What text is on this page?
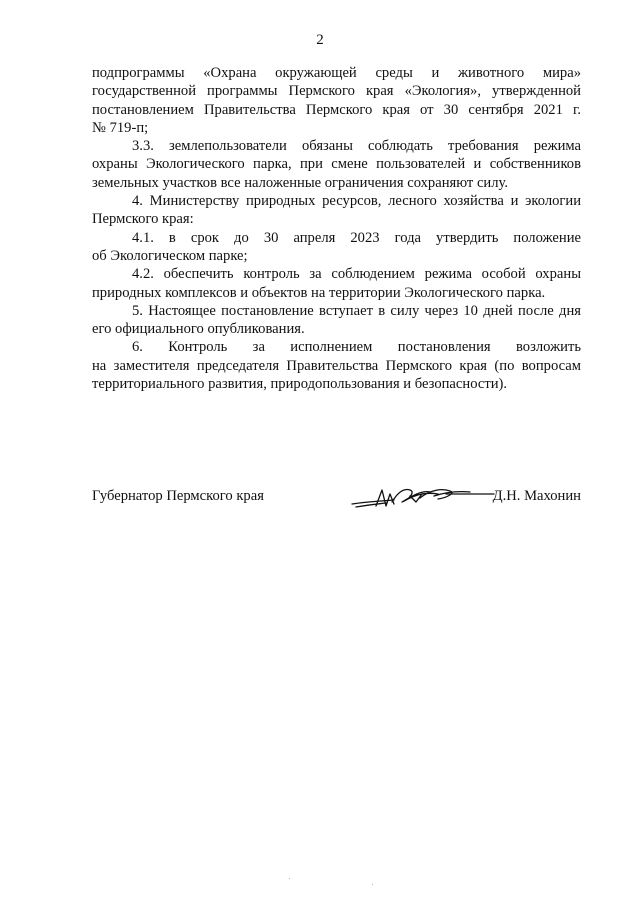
2

подпрограммы «Охрана окружающей среды и животного мира»
государственной программы Пермского края «Экология», утвержденной
постановлением Правительства Пермского края от 30 сентября 2021 г.
№ 719-п;

3.3. землепользователи обязаны соблюдать требования режима
охраны Экологического парка, при смене пользователей и собственников
земельных участков все наложенные ограничения сохраняют силу.

4. Министерству природных ресурсов, лесного хозяйства и экологии
Пермского края:

4.1. в срок до 30 апреля 2023 года утвердить положение
об Экологическом парке;

4.2. обеспечить контроль за соблюдением режима особой охраны
природных комплексов и объектов на территории Экологического парка.

5. Настоящее постановление вступает в силу через 10 дней после дня
его официального опубликования.

6. Контроль за исполнением постановления возложить
на заместителя председателя Правительства Пермского края (по вопросам
территориального развития, природопользования и безопасности).

Губернатор Пермского края	Д.Н. Махонин
